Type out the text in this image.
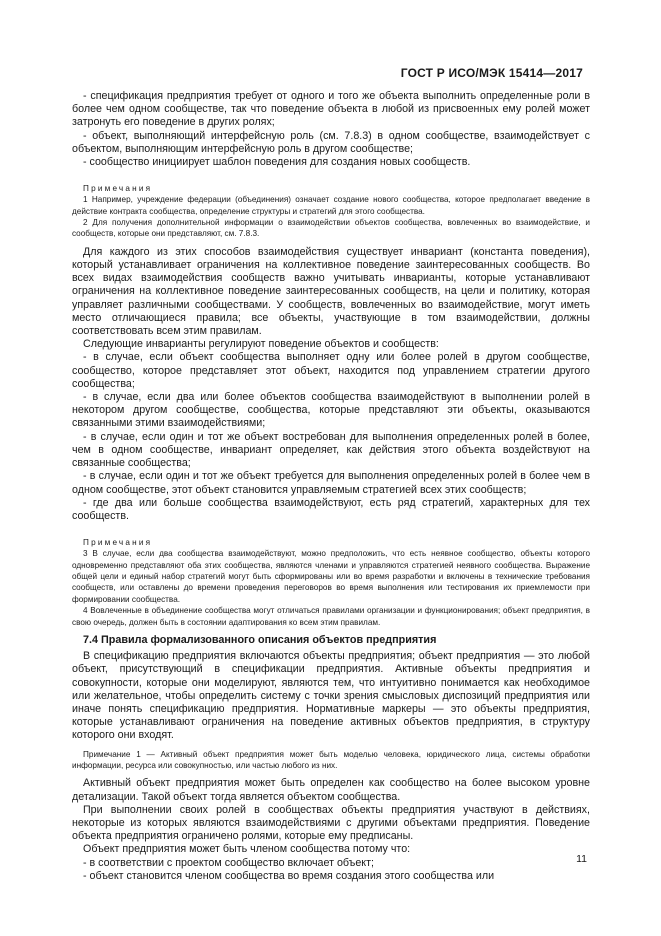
ГОСТ Р ИСО/МЭК 15414—2017

- спецификация предприятия требует от одного и того же объекта выполнить определенные роли в более чем одном сообществе, так что поведение объекта в любой из присвоенных ему ролей может затронуть его поведение в других ролях;

- объект, выполняющий интерфейсную роль (см. 7.8.3) в одном сообществе, взаимодействует с объектом, выполняющим интерфейсную роль в другом сообществе;

- сообщество инициирует шаблон поведения для создания новых сообществ.

Примечания

1 Например, учреждение федерации (объединения) означает создание нового сообщества, которое предполагает введение в действие контракта сообщества, определение структуры и стратегий для этого сообщества.

2 Для получения дополнительной информации о взаимодействии объектов сообщества, вовлеченных во взаимодействие, и сообществ, которые они представляют, см. 7.8.3.

Для каждого из этих способов взаимодействия существует инвариант (константа поведения), который устанавливает ограничения на коллективное поведение заинтересованных сообществ. Во всех видах взаимодействия сообществ важно учитывать инварианты, которые устанавливают ограничения на коллективное поведение заинтересованных сообществ, на цели и политику, которая управляет различными сообществами. У сообществ, вовлеченных во взаимодействие, могут иметь место отличающиеся правила; все объекты, участвующие в том взаимодействии, должны соответствовать всем этим правилам.

Следующие инварианты регулируют поведение объектов и сообществ:

- в случае, если объект сообщества выполняет одну или более ролей в другом сообществе, сообщество, которое представляет этот объект, находится под управлением стратегии другого сообщества;

- в случае, если два или более объектов сообщества взаимодействуют в выполнении ролей в некотором другом сообществе, сообщества, которые представляют эти объекты, оказываются связанными этими взаимодействиями;

- в случае, если один и тот же объект востребован для выполнения определенных ролей в более, чем в одном сообществе, инвариант определяет, как действия этого объекта воздействуют на связанные сообщества;

- в случае, если один и тот же объект требуется для выполнения определенных ролей в более чем в одном сообществе, этот объект становится управляемым стратегией всех этих сообществ;

- где два или больше сообщества взаимодействуют, есть ряд стратегий, характерных для тех сообществ.

Примечания

3 В случае, если два сообщества взаимодействуют, можно предположить, что есть неявное сообщество, объекты которого одновременно представляют оба этих сообщества, являются членами и управляются стратегией неявного сообщества. Выражение общей цели и единый набор стратегий могут быть сформированы или во время разработки и включены в технические требования сообществ, или оставлены до времени проведения переговоров во время выполнения или тестирования их приемлемости при формировании сообщества.

4 Вовлеченные в объединение сообщества могут отличаться правилами организации и функционирования; объект предприятия, в свою очередь, должен быть в состоянии адаптирования ко всем этим правилам.

7.4 Правила формализованного описания объектов предприятия

В спецификацию предприятия включаются объекты предприятия; объект предприятия — это любой объект, присутствующий в спецификации предприятия. Активные объекты предприятия и совокупности, которые они моделируют, являются тем, что интуитивно понимается как необходимое или желательное, чтобы определить систему с точки зрения смысловых диспозиций предприятия или иначе понять спецификацию предприятия. Нормативные маркеры — это объекты предприятия, которые устанавливают ограничения на поведение активных объектов предприятия, в структуру которого они входят.

Примечание 1 — Активный объект предприятия может быть моделью человека, юридического лица, системы обработки информации, ресурса или совокупностью, или частью любого из них.

Активный объект предприятия может быть определен как сообщество на более высоком уровне детализации. Такой объект тогда является объектом сообщества.

При выполнении своих ролей в сообществах объекты предприятия участвуют в действиях, некоторые из которых являются взаимодействиями с другими объектами предприятия. Поведение объекта предприятия ограничено ролями, которые ему предписаны.

Объект предприятия может быть членом сообщества потому что:

- в соответствии с проектом сообщество включает объект;

- объект становится членом сообщества во время создания этого сообщества или

11
